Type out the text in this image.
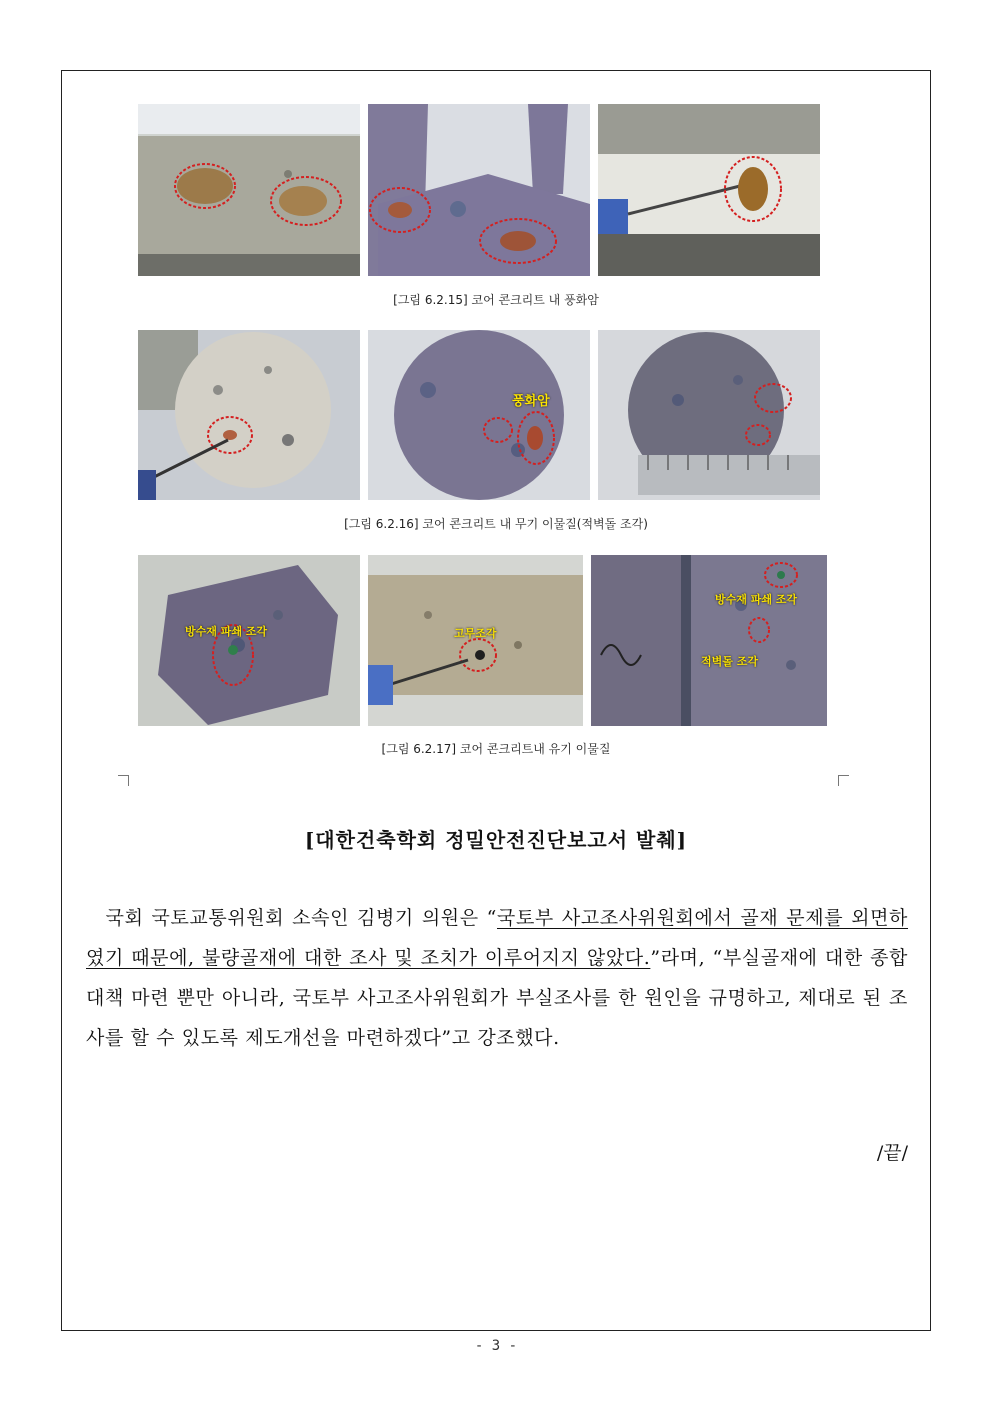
[그림 6.2.15] 코어 콘크리트 내 풍화암
풍화암
[그림 6.2.16] 코어 콘크리트 내 무기 이물질(적벽돌 조각)
방수재 파쇄 조각	고무조각
방수재 파쇄 조각
적벽돌 조각
[그림 6.2.17] 코어 콘크리트내 유기 이물질
[대한건축학회 정밀안전진단보고서 발췌]
 국회 국토교통위원회 소속인 김병기 의원은 “국토부 사고조사위원회에서 골재 문제를 외면하였기 때문에, 불량골재에 대한 조사 및 조치가 이루어지지 않았다.”라며, “부실골재에 대한 종합 대책 마련 뿐만 아니라, 국토부 사고조사위원회가 부실조사를 한 원인을 규명하고, 제대로 된 조사를 할 수 있도록 제도개선을 마련하겠다”고 강조했다.
/끝/
- 3 -
